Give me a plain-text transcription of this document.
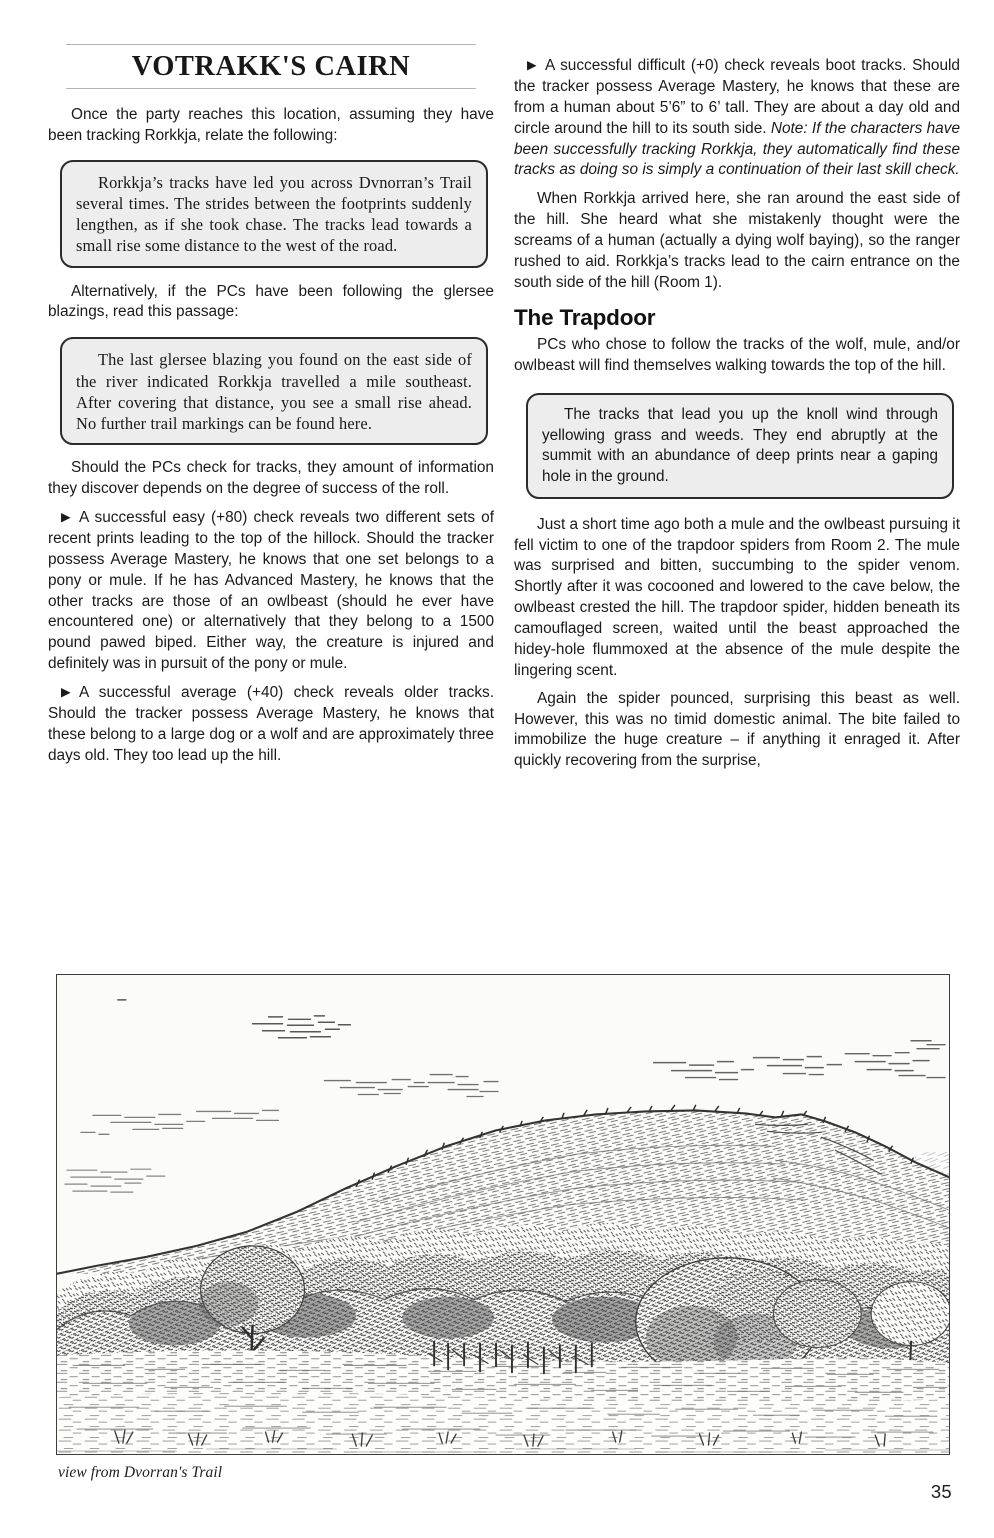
VOTRAKK'S CAIRN

Once the party reaches this location, assuming they have been tracking Rorkkja, relate the following:

Rorkkja’s tracks have led you across Dvnorran’s Trail several times. The strides between the footprints suddenly lengthen, as if she took chase. The tracks lead towards a small rise some distance to the west of the road.

Alternatively, if the PCs have been following the glersee blazings, read this passage:

The last glersee blazing you found on the east side of the river indicated Rorkkja travelled a mile southeast. After covering that distance, you see a small rise ahead. No further trail markings can be found here.

Should the PCs check for tracks, they amount of information they discover depends on the degree of success of the roll.

▶ A successful easy (+80) check reveals two different sets of recent prints leading to the top of the hillock. Should the tracker possess Average Mastery, he knows that one set belongs to a pony or mule. If he has Advanced Mastery, he knows that the other tracks are those of an owlbeast (should he ever have encountered one) or alternatively that they belong to a 1500 pound pawed biped. Either way, the creature is injured and definitely was in pursuit of the pony or mule.

▶ A successful average (+40) check reveals older tracks. Should the tracker possess Average Mastery, he knows that these belong to a large dog or a wolf and are approximately three days old. They too lead up the hill.

▶ A successful difficult (+0) check reveals boot tracks. Should the tracker possess Average Mastery, he knows that these are from a human about 5’6” to 6’ tall. They are about a day old and circle around the hill to its south side. Note: If the characters have been successfully tracking Rorkkja, they automatically find these tracks as doing so is simply a continuation of their last skill check.

When Rorkkja arrived here, she ran around the east side of the hill. She heard what she mistakenly thought were the screams of a human (actually a dying wolf baying), so the ranger rushed to aid. Rorkkja’s tracks lead to the cairn entrance on the south side of the hill (Room 1).

The Trapdoor

PCs who chose to follow the tracks of the wolf, mule, and/or owlbeast will find themselves walking towards the top of the hill.

The tracks that lead you up the knoll wind through yellowing grass and weeds. They end abruptly at the summit with an abundance of deep prints near a gaping hole in the ground.

Just a short time ago both a mule and the owlbeast pursuing it fell victim to one of the trapdoor spiders from Room 2. The mule was surprised and bitten, succumbing to the spider venom. Shortly after it was cocooned and lowered to the cave below, the owlbeast crested the hill. The trapdoor spider, hidden beneath its camouflaged screen, waited until the beast approached the hidey-hole flummoxed at the absence of the mule despite the lingering scent.

Again the spider pounced, surprising this beast as well. However, this was no timid domestic animal. The bite failed to immobilize the huge creature – if anything it enraged it. After quickly recovering from the surprise,

view from Dvorran's Trail
35
